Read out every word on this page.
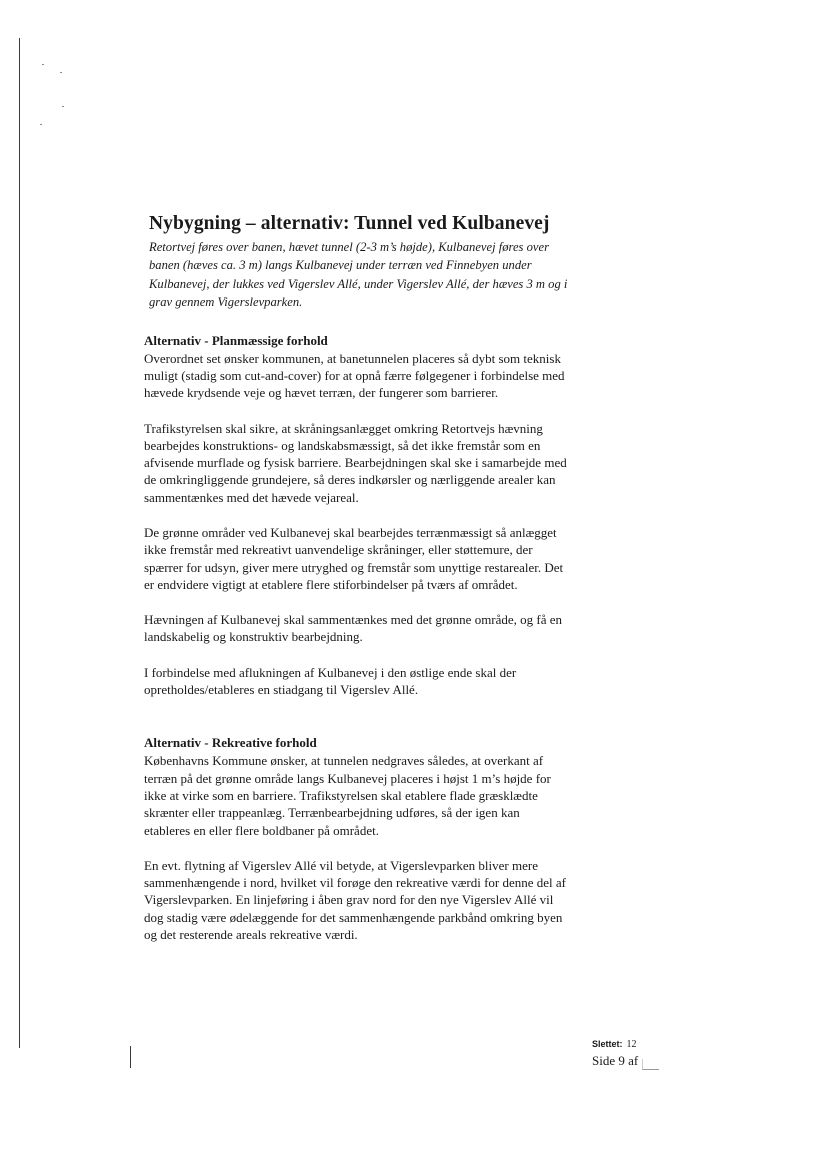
Nybygning – alternativ: Tunnel ved Kulbanevej
Retortvej føres over banen, hævet tunnel (2-3 m’s højde), Kulbanevej føres over banen (hæves ca. 3 m) langs Kulbanevej under terræn ved Finnebyen under Kulbanevej, der lukkes ved Vigerslev Allé, under Vigerslev Allé, der hæves 3 m og i grav gennem Vigerslevparken.
Alternativ - Planmæssige forhold

Overordnet set ønsker kommunen, at banetunnelen placeres så dybt som teknisk muligt (stadig som cut-and-cover) for at opnå færre følgegener i forbindelse med hævede krydsende veje og hævet terræn, der fungerer som barrierer.

Trafikstyrelsen skal sikre, at skråningsanlægget omkring Retortvejs hævning bearbejdes konstruktions- og landskabsmæssigt, så det ikke fremstår som en afvisende murflade og fysisk barriere. Bearbejdningen skal ske i samarbejde med de omkringliggende grundejere, så deres indkørsler og nærliggende arealer kan sammentænkes med det hævede vejareal.

De grønne områder ved Kulbanevej skal bearbejdes terrænmæssigt så anlægget ikke fremstår med rekreativt uanvendelige skråninger, eller støttemure, der spærrer for udsyn, giver mere utryghed og fremstår som unyttige restarealer. Det er endvidere vigtigt at etablere flere stiforbindelser på tværs af området.

Hævningen af Kulbanevej skal sammentænkes med det grønne område, og få en landskabelig og konstruktiv bearbejdning.

I forbindelse med aflukningen af Kulbanevej i den østlige ende skal der opretholdes/etableres en stiadgang til Vigerslev Allé.

Alternativ - Rekreative forhold

Københavns Kommune ønsker, at tunnelen nedgraves således, at overkant af terræn på det grønne område langs Kulbanevej placeres i højst 1 m’s højde for ikke at virke som en barriere. Trafikstyrelsen skal etablere flade græsklædte skrænter eller trappeanlæg. Terrænbearbejdning udføres, så der igen kan etableres en eller flere boldbaner på området.

En evt. flytning af Vigerslev Allé vil betyde, at Vigerslevparken bliver mere sammenhængende i nord, hvilket vil forøge den rekreative værdi for denne del af Vigerslevparken. En linjeføring i åben grav nord for den nye Vigerslev Allé vil dog stadig være ødelæggende for det sammenhængende parkbånd omkring byen og det resterende areals rekreative værdi.

Slettet: 12
Side 9 af
